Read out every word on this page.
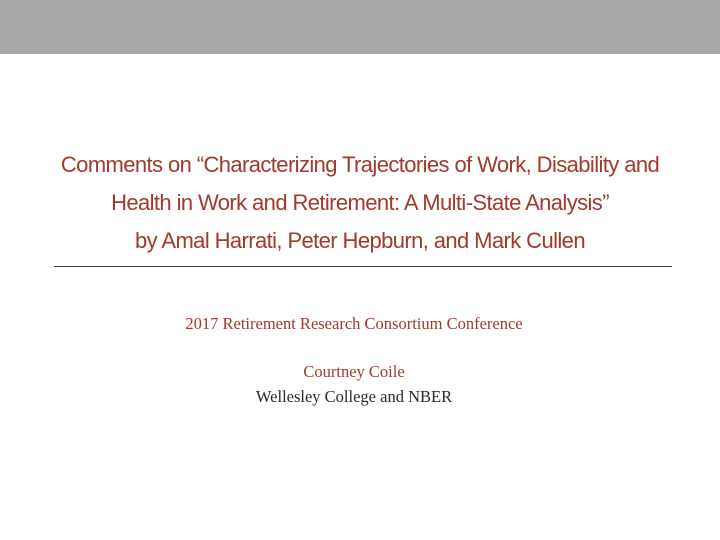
Comments on “Characterizing Trajectories of Work, Disability and
Health in Work and Retirement: A Multi-State Analysis”
by Amal Harrati, Peter Hepburn, and Mark Cullen
2017 Retirement Research Consortium Conference
Courtney Coile
Wellesley College and NBER
